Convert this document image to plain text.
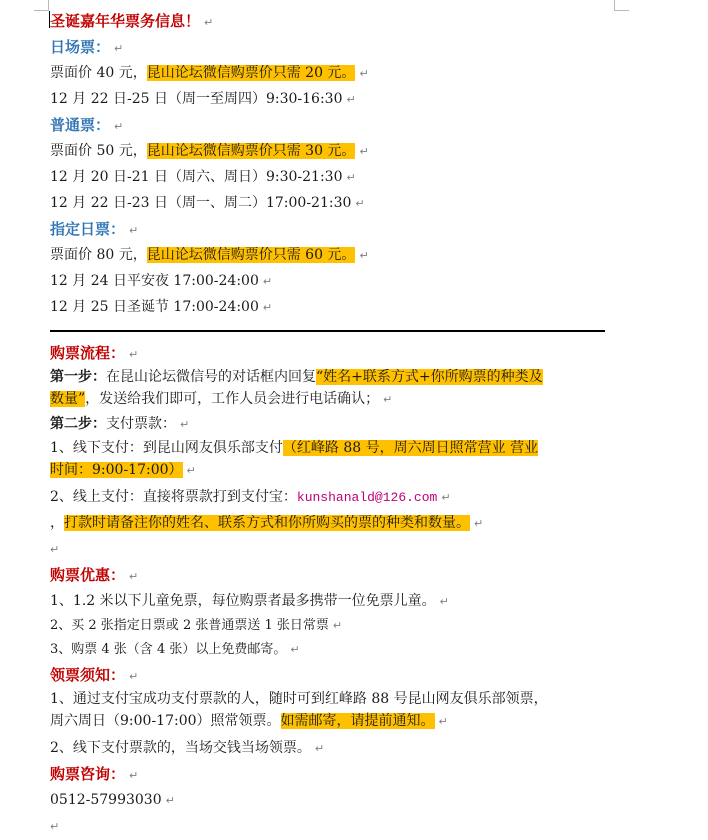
圣诞嘉年华票务信息！ ↵
日场票： ↵
票面价 40 元，昆山论坛微信购票价只需 20 元。 ↵
12 月 22 日-25 日（周一至周四）9:30-16:30 ↵
普通票： ↵
票面价 50 元，昆山论坛微信购票价只需 30 元。 ↵
12 月 20 日-21 日（周六、周日）9:30-21:30 ↵
12 月 22 日-23 日（周一、周二）17:00-21:30 ↵
指定日票： ↵
票面价 80 元，昆山论坛微信购票价只需 60 元。 ↵
12 月 24 日平安夜 17:00-24:00 ↵
12 月 25 日圣诞节 17:00-24:00 ↵
购票流程： ↵
第一步：在昆山论坛微信号的对话框内回复“姓名+联系方式+你所购票的种类及
数量”，发送给我们即可，工作人员会进行电话确认； ↵
第二步：支付票款： ↵
1、线下支付：到昆山网友俱乐部支付（红峰路 88 号，周六周日照常营业 营业
时间：9:00-17:00） ↵
2、线上支付：直接将票款打到支付宝：kunshanald@126.com ↵
，打款时请备注你的姓名、联系方式和你所购买的票的种类和数量。 ↵
↵
购票优惠： ↵
1、1.2 米以下儿童免票，每位购票者最多携带一位免票儿童。 ↵
2、买 2 张指定日票或 2 张普通票送 1 张日常票 ↵
3、购票 4 张（含 4 张）以上免费邮寄。 ↵
领票须知： ↵
1、通过支付宝成功支付票款的人，随时可到红峰路 88 号昆山网友俱乐部领票，
周六周日（9:00-17:00）照常领票。如需邮寄，请提前通知。 ↵
2、线下支付票款的，当场交钱当场领票。 ↵
购票咨询： ↵
0512-57993030 ↵
↵
